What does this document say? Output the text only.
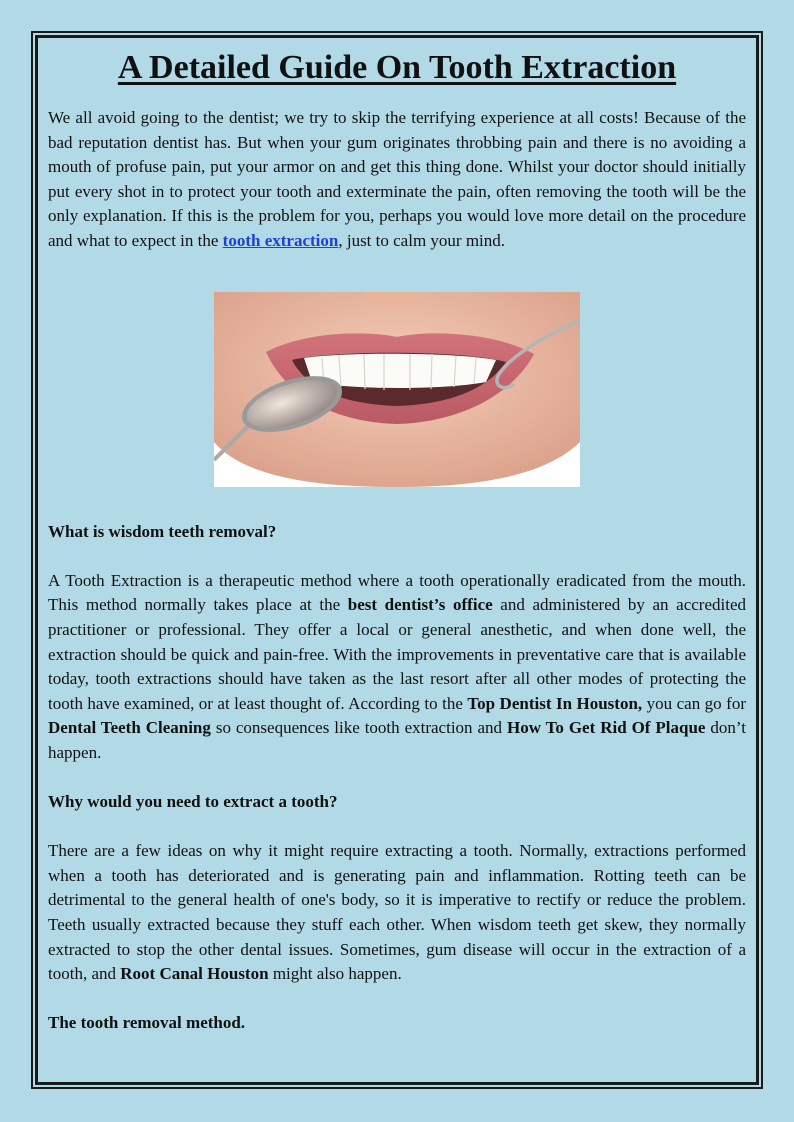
A Detailed Guide On Tooth Extraction

We all avoid going to the dentist; we try to skip the terrifying experience at all costs! Because of the bad reputation dentist has. But when your gum originates throbbing pain and there is no avoiding a mouth of profuse pain, put your armor on and get this thing done. Whilst your doctor should initially put every shot in to protect your tooth and exterminate the pain, often removing the tooth will be the only explanation. If this is the problem for you, perhaps you would love more detail on the procedure and what to expect in the tooth extraction, just to calm your mind.

What is wisdom teeth removal?

A Tooth Extraction is a therapeutic method where a tooth operationally eradicated from the mouth. This method normally takes place at the best dentist’s office and administered by an accredited practitioner or professional. They offer a local or general anesthetic, and when done well, the extraction should be quick and pain-free. With the improvements in preventative care that is available today, tooth extractions should have taken as the last resort after all other modes of protecting the tooth have examined, or at least thought of. According to the Top Dentist In Houston, you can go for Dental Teeth Cleaning so consequences like tooth extraction and How To Get Rid Of Plaque don’t happen.

Why would you need to extract a tooth?

There are a few ideas on why it might require extracting a tooth. Normally, extractions performed when a tooth has deteriorated and is generating pain and inflammation. Rotting teeth can be detrimental to the general health of one's body, so it is imperative to rectify or reduce the problem. Teeth usually extracted because they stuff each other. When wisdom teeth get skew, they normally extracted to stop the other dental issues. Sometimes, gum disease will occur in the extraction of a tooth, and Root Canal Houston might also happen.

The tooth removal method.
